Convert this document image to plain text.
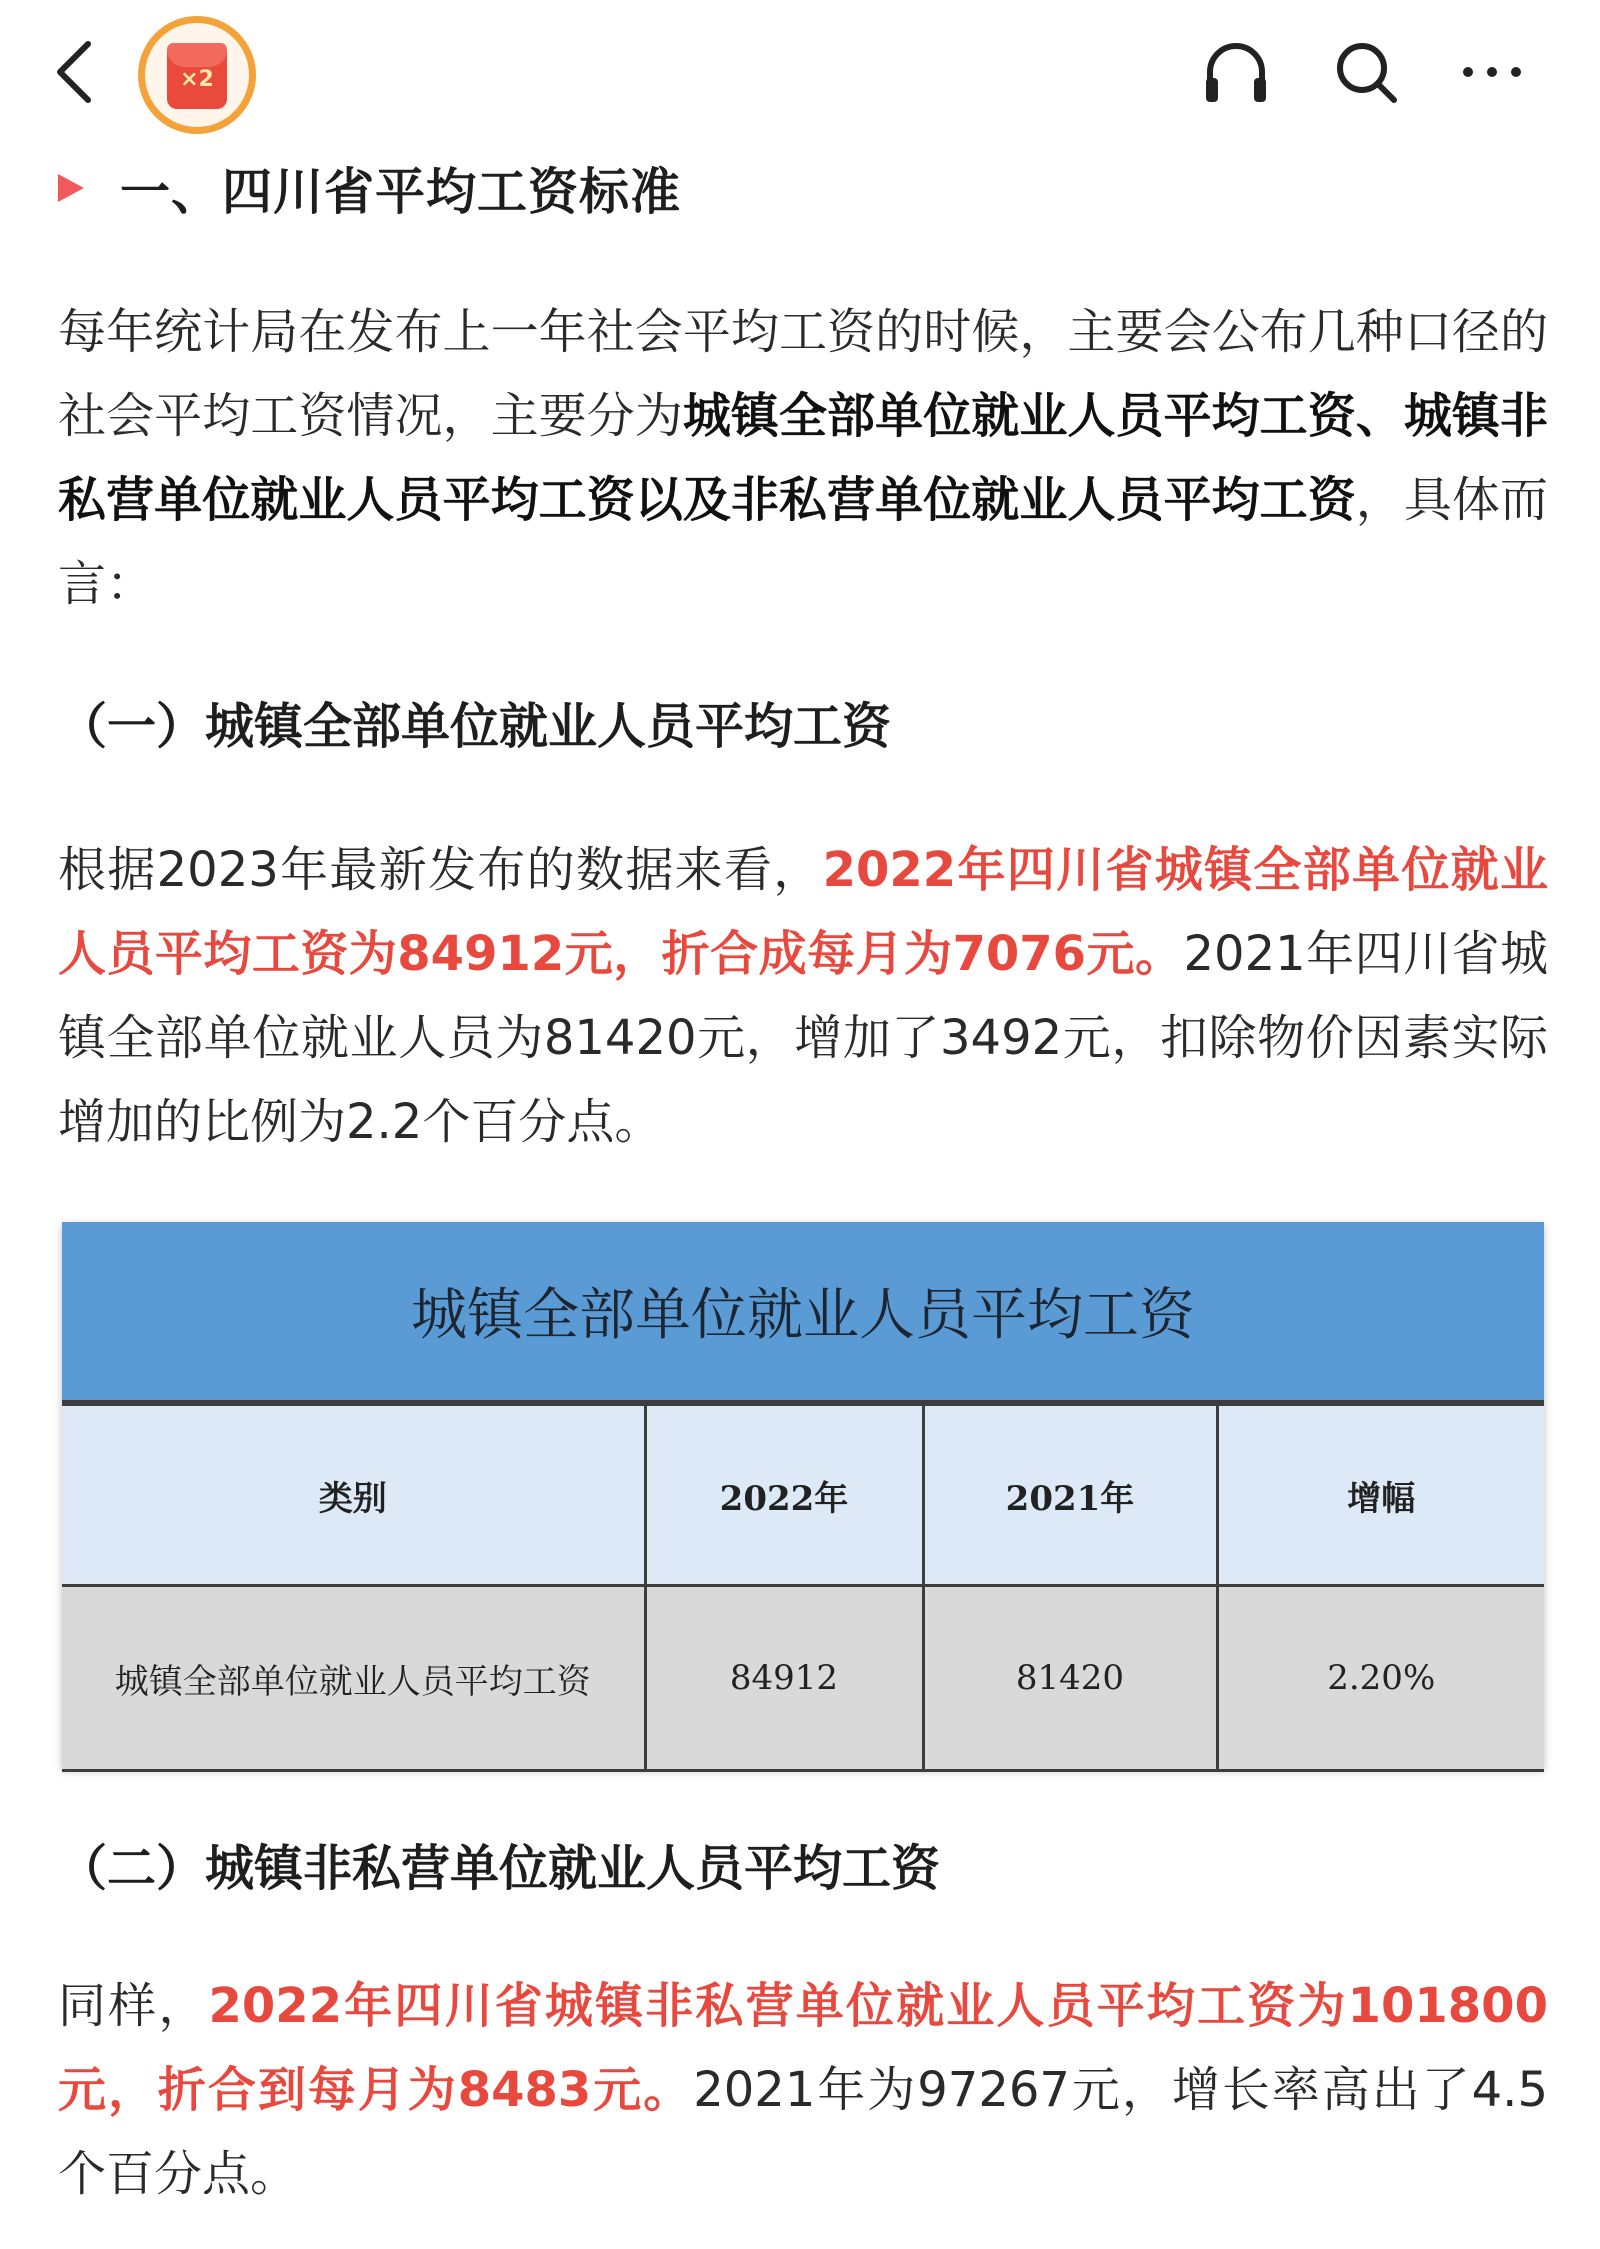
×2
一、四川省平均工资标准

每年统计局在发布上一年社会平均工资的时候，主要会公布几种口径的社会平均工资情况，主要分为城镇全部单位就业人员平均工资、城镇非私营单位就业人员平均工资以及非私营单位就业人员平均工资，具体而言：

（一）城镇全部单位就业人员平均工资

根据2023年最新发布的数据来看，2022年四川省城镇全部单位就业人员平均工资为84912元，折合成每月为7076元。2021年四川省城镇全部单位就业人员为81420元，增加了3492元，扣除物价因素实际增加的比例为2.2个百分点。

城镇全部单位就业人员平均工资
类别	2022年	2021年	增幅
城镇全部单位就业人员平均工资	84912	81420	2.20%
（二）城镇非私营单位就业人员平均工资

同样，2022年四川省城镇非私营单位就业人员平均工资为101800元，折合到每月为8483元。2021年为97267元，增长率高出了4.5个百分点。
